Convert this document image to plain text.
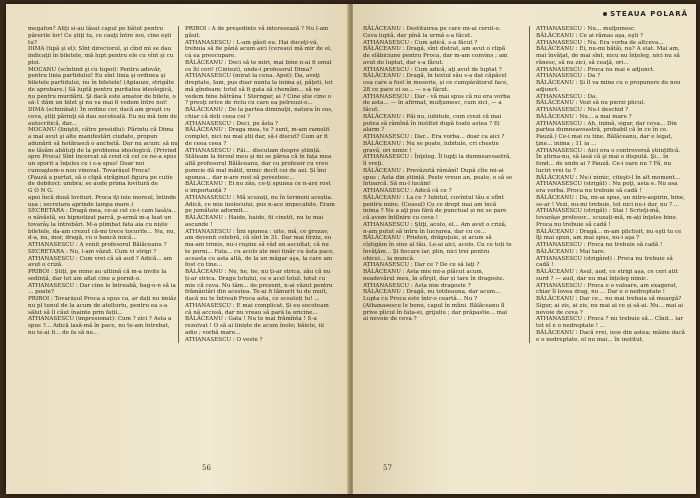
megafon? Aliţi si-au lăsat capul pe bătut pentru părerile lor! Ce ştiţi tu, ce cauţi între noi, cine eşti tu?
DIMA (tipă şi el): Sînt directorul, şi cînd mi se dau indicaţii în biletele, mă lupt pentru ele cu vînt şi cu ploi.
MOCANU (scîntind şi cu tupoi): Pentru adevăr, pentru linia partidului! Eu sînt linia şi ordinea şi biletele partidului, nu în biletele! (Aplauze, strigăte de aprobare.) Să luptă pentru puritatea ideologică, nu pentru murdării. Şi dacă este amator de bilete, o să-1 dăm un bilet şi nu va mai fi vedem între noi!
DIMA (schimbat): În ordine cer, dacă am greşit cu ceva, ştiţi părinţi să dau socoteală. Eu nu mă tem de autocritică, dar...
MOCANU (liniştit, către presidiu): Părintu că Dima a mai avut şi alte manifestări ciudate, propun adunării să hotărască o anchetă. Dar nu acum: să nu ne lăsăm abătuţi de la problema ideologică. (Privind spre Proca) Sînt încercat să cred că cel ce ne-a spus un sporit a înţeles ce i s-a spus! Doar noi cunoaştem-o nou vinovat. Tovarăşul Proca!
(Pauză a purtat, să o clipă străginut figura pe cutie de dobitoci: umbra; se aude prima lovitură de
G O N G.
apoi încă două lovituri. Proca iţi ieie mereul, întinde ușa ; secretara aprinde lampa mare.)
SECRETARA : Dragă mea, ce-ai cel ce-i cam lasă/a... o năvăstă, eu hipnotizat parcă, p-armă m-a luat un tovarăş la întrebări. M-a plimbat fata aia cu niște biletele, da-am crezut că-mi trece tocurile... Nu, nu, d-a, nu, mor, dragă, cu o bancă mică...
ATHANASESCU : A venit profesorul Bălăceanu ?
SECRETARA : Nu, l-am văzut. Cum vi strigi ?
ATHANASESCU : Cum vrei că să aud ? Adică... am avut o criză.
PRIBOI : Știți, pe mine au ultimă că m-a invite la sedință, dar tot am aflat cine a pornit-o.
ATHANASESCU : Dar cine le întreabă, bag-o-n să ia ... poate?
PRIBOI : Tovarășul Proca a spus ca, ar dați nu imiăz nu pl tunul de la acum de ateltoriu, pentru ea s-a sălut să îl căut înainte prin fatii...
ATHANASESCU (impresionat): Cum ? zici ? Asta a spus ?... Adică lasă-mă în pace, nu te-am întrebat, nu te-ai fi... de fa să ne...
PRIBOI : A de preşedinte vă interesează ? Nu l-am găsit.
ATHANASESCU : L-am găsit eu. Hai duceţi-vă, trebuia să fie până acum aici (cereau) mă mir de el, cá ea preocupare.
BĂLĂCEANU : Deci să te miri, mai bine n-ai fi omul ce îti ceri! (Cintezi), unde-i profesorul Dima?
ATHANASESCU (mirat la cena. Apoi): Da, aveţi dreptate, Iam, pus doar nunta la inima și, păţeti, tot mă gîndeam; totul să fi gata să chemăm... să ne vedem bine bătrâna ! Sterngar, ai ? Cine știe cine o ? preoţi orice de riciu cu care ea pelreuzi-o...
BĂLĂCEANU : De la partea diminuţii, natura în sus, chiar că doți ceea cei ?
ATHANASESCU : Deci, pe ăsta ?
BĂLĂCEANU : Draga mea, tu ? sunt, m-am ramolit complet, nici nu mai știi dar, să-i discut? Cum ar fi de ceea ceea ?
ATHANASESCU : Păi... discutam despre știință. Stăteam la biroul meu și mi se părea că în fața mea află profesorul Bălăceanu, dar cu profesor cu vreo pomcie dă mal mătil, nimic decît cei de azi. Și îmi spunea... dar n-are rost să povestesc...
BĂLĂCEANU : Ei nu zău, ce-ți spunea ce n-are rost o importanță ?
ATHANASESCU : Mă scuzați, nu în termeni aceștia. Adică, ce mie inolocului, pus n-ace impecabile. Eram pe jumătate adormit...
BĂLĂCEANU : Haide, haide, fii cinstit, nu te mai ascunde !
ATHANASESCU : Îmi spunea : uite, mă, ce grozav, am devenit celebră, că sînt în 31. Dar mai tîrziu, eu ma-am trimis, nu-i ruşine să văd un ascultat, că nu te porni... Fata... cu acolo ale mei tinăr cu ăsta pace, aceasta cu asta altă, de la un măgar aşa, la care am fost cu tine...
BĂLĂCEANU : Ne, he, he, nu ți-ar strica, zău că nu ți-ar strica. Dragu totului, ce e acel totul. totul cu mie că ceva. Nu tâm... de prezent, n-ai văzut pentru frământări din acestea. Te-ai fi lămurit tu de mult, dacă nu te întreab Proca asta, ce scoateți tu! ...
ATHANASESCU : E mai complicat. Și eu socoteam că nă accusă, dar nu vreau să pară la oricine...
BĂLĂCEANU : Gata ! Nu te mai frămînta ! S-a rezolvat ! O să ai liniște de acum înolo; băiete, iii adio ; vorbă mare...
ATHANASESCU : O veste ?
56
STEAUA POLARĂ
BĂLĂCEANU : Destituirea pe care mi-ai cerut-o. Ceva luptă, dar pînă la urmă s-a făcut.
ATHANASESCU : Cum adică, s-a făcut ?
BĂLĂCEANU : Dragă, sînt distrat, am avut o clipă de slăbiciune pentru Proca, dar m-am convins ; am avut de luptat, dar s-a făcut.
ATHANASESCU : Cum adică, aţi avut de luptat ?
BĂLĂCEANU : Dragă, în textul său s-a dat căpăcel cea care a fost în meserie, și ce cumpărătorul face, 28 ce pace ei se... — s-a făcut.
ATHANASESCU : Dar - vă mai spus că nu era vorba de asta... — în afirmat, mulţumesc, cum zici, — a făcut.
BĂLĂCEANU : Păi nu, iubitule, cum crezi că mai putea să rămînă în institut după toate astea ? Ei alarm ?
ATHANASESCU : Dar... Era vorba... doar ca aici ?
BĂLĂCEANU : Nu se poate, iubitule, cri chestie gravă, ori nimic !
ATHANASESCU : Înţeleg. Îl lupţi la dumneavoastră, îl vreţi.
BĂLĂCEANU : Prevăzută râmănî! După cîte mi-ai spus ; Asta din știință. Peste vreun an, poate, o să se întoarcă. Să nu-l lucăm!
ATHANASESCU : Adică că ce ?
BĂLĂCEANU : La ce ? Iubitul, cuvîntul tău e sfînt pentru mine. (Ceasul) Cu ce drept mai am încă inima ? Nu a aţi pus fără de punctual și mi se pare că avem întîlnire cu ceva !
ATHANASESCU : Știţi, acolo, el... Am avut o criză, n-am putut să intru în lucrarea, dar cu ce...
BĂLĂCEANU : Prieten, drăguţule, și acum să cîștigăm în sine al tău. Le-ai aici, acolo. Cu ce toți te învăţăm... Și fiecare iar, plin, nici trei pentru obicei... la muncă.
ATHANASESCU : Dar ce ? De ce să laţi ?
BĂLĂCEANU : Asta mie mi-a plăcut acum, neadevărul meu, în sfîrşit, dar și tare în dragoste.
ATHANASESCU : Asta mie dragoste ?
BĂLĂCEANU : Dragă, nu totdeauna, dar acum... Lupta cu Proca este într-o ceartă... Nu ? (Athanasescu le bonu, capul în mîini. Bălăceanu îl prive plicul în fața-ei, grijuliu ; dar prăpastie... mai ai nevoie de ceva ?
ATHANASESCU : Nu... mulţumesc.
BĂLĂCEANU : Ce ai rămas aşa, eşti ?
ATHANASESCU : Nu. Era vorba de altceva...
BĂLĂCEANU : Ei, nu-mi bătăi, nu? A stat. Mai am, mai învăţat, de mai sînt, nicu nu înţeleg, nici nu să rănesc, să nu zici, să ceaţă, ori...
ATHANASESCU : Proca nu mai e adjunct.
ATHANASESCU : Da ?
BĂLĂCEANU : Și îl va mine cu o propunere de nou adjunct.
ATHANASESCU : Da.
BĂLĂCEANU : Vezi să nu pierzi plicul.
ATHANASESCU : Nu-l deschid ?
BĂLĂCEANU : Nu... a mai mare ?
ATHANASESCU : Ah, inimă, sigur, dar ceva... Din partea dumneavoastră, probabil că în ce în ce. Pauză.) Ce-i mai cu tine. Bălăceanu, dar e legat, ţine... inima ; 11 ia ...
ATHANASESCU : Aici era o controversă științifică. În ştirna-nu, să lasă că şi mai o dispută. Şi... în fond... de unde ai ? Pauză. Ce-i oare nu ? Fă, nu luciri vrei tu ?
BĂLĂCEANU : Nu-i nimic, citeşti-l în alt moment...
ATHANASESCU (strigăt) : Nu poţi, asta e. Nu asa era vorba. Proca nu trebuie să cadă !
BĂLĂCEANU : Da, mi-ai spus, un nitro-aspirin, bine, se-ar ! Vezi, nu-mi trebuie, tot nici nu-i dar, nu ? ...
ATHANASESCU (strigăt) : Stai ! Scrieţi-mă, tovarăşe profesor... scuzați-mă, m-ați înţeles bine. Proca nu trebuie să cadă !
BĂLĂCEANU : Dragă... m-am plictisit, nu eşti tu ce îţi mai spun, am mai spus, nu-i aşa ?
ATHANASESCU : Proca nu trebuie să cadă !
BĂLĂCEANU : Mai tare.
ATHANASESCU (strigând) : Proca nu trebuie să cadă !
BĂLĂCEANU : Asul, aud, ce strigi așa, ce ceri atit surd ? — aud, dar nu mai înțeleg nimic.
ATHANASESCU : Proca e o valoare, am exagerat, chiar îl lovea drag, nu ... Dar e o nedreptate !
BĂLĂCEANU : Dar ce... nu mai trebuia să meargă? Sigur, ai zis, ai zis, nu mai ai ce și să-ai. Nu... mai ai nevoie de ceva ?
ATHANASESCU : Proca ? nu trebuie să... Cînd... iar tot el e o nedreptate ! ...
BĂLĂCEANU : Dacă vrei, iese din astea; mâine dacă e o nedreptate, el nu mai... în institut.
57
